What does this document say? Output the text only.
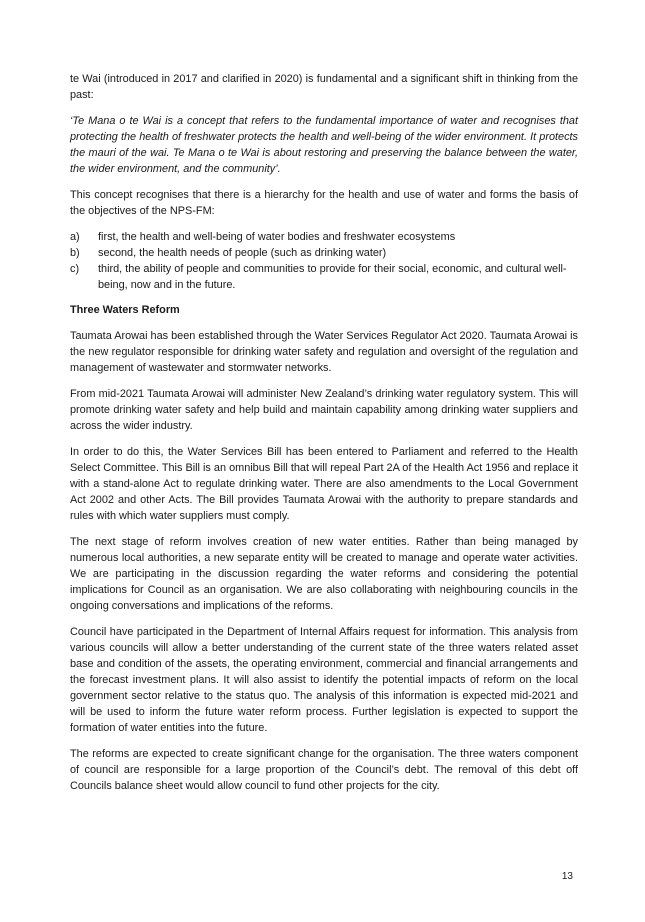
te Wai (introduced in 2017 and clarified in 2020) is fundamental and a significant shift in thinking from the past:

‘Te Mana o te Wai is a concept that refers to the fundamental importance of water and recognises that protecting the health of freshwater protects the health and well-being of the wider environment. It protects the mauri of the wai. Te Mana o te Wai is about restoring and preserving the balance between the water, the wider environment, and the community’.

This concept recognises that there is a hierarchy for the health and use of water and forms the basis of the objectives of the NPS-FM:

a) first, the health and well-being of water bodies and freshwater ecosystems
b) second, the health needs of people (such as drinking water)
c) third, the ability of people and communities to provide for their social, economic, and cultural well-being, now and in the future.
Three Waters Reform

Taumata Arowai has been established through the Water Services Regulator Act 2020. Taumata Arowai is the new regulator responsible for drinking water safety and regulation and oversight of the regulation and management of wastewater and stormwater networks.

From mid-2021 Taumata Arowai will administer New Zealand’s drinking water regulatory system. This will promote drinking water safety and help build and maintain capability among drinking water suppliers and across the wider industry.

In order to do this, the Water Services Bill has been entered to Parliament and referred to the Health Select Committee. This Bill is an omnibus Bill that will repeal Part 2A of the Health Act 1956 and replace it with a stand-alone Act to regulate drinking water. There are also amendments to the Local Government Act 2002 and other Acts. The Bill provides Taumata Arowai with the authority to prepare standards and rules with which water suppliers must comply.

The next stage of reform involves creation of new water entities. Rather than being managed by numerous local authorities, a new separate entity will be created to manage and operate water activities. We are participating in the discussion regarding the water reforms and considering the potential implications for Council as an organisation. We are also collaborating with neighbouring councils in the ongoing conversations and implications of the reforms.

Council have participated in the Department of Internal Affairs request for information. This analysis from various councils will allow a better understanding of the current state of the three waters related asset base and condition of the assets, the operating environment, commercial and financial arrangements and the forecast investment plans. It will also assist to identify the potential impacts of reform on the local government sector relative to the status quo. The analysis of this information is expected mid-2021 and will be used to inform the future water reform process. Further legislation is expected to support the formation of water entities into the future.

The reforms are expected to create significant change for the organisation. The three waters component of council are responsible for a large proportion of the Council’s debt. The removal of this debt off Councils balance sheet would allow council to fund other projects for the city.

13
